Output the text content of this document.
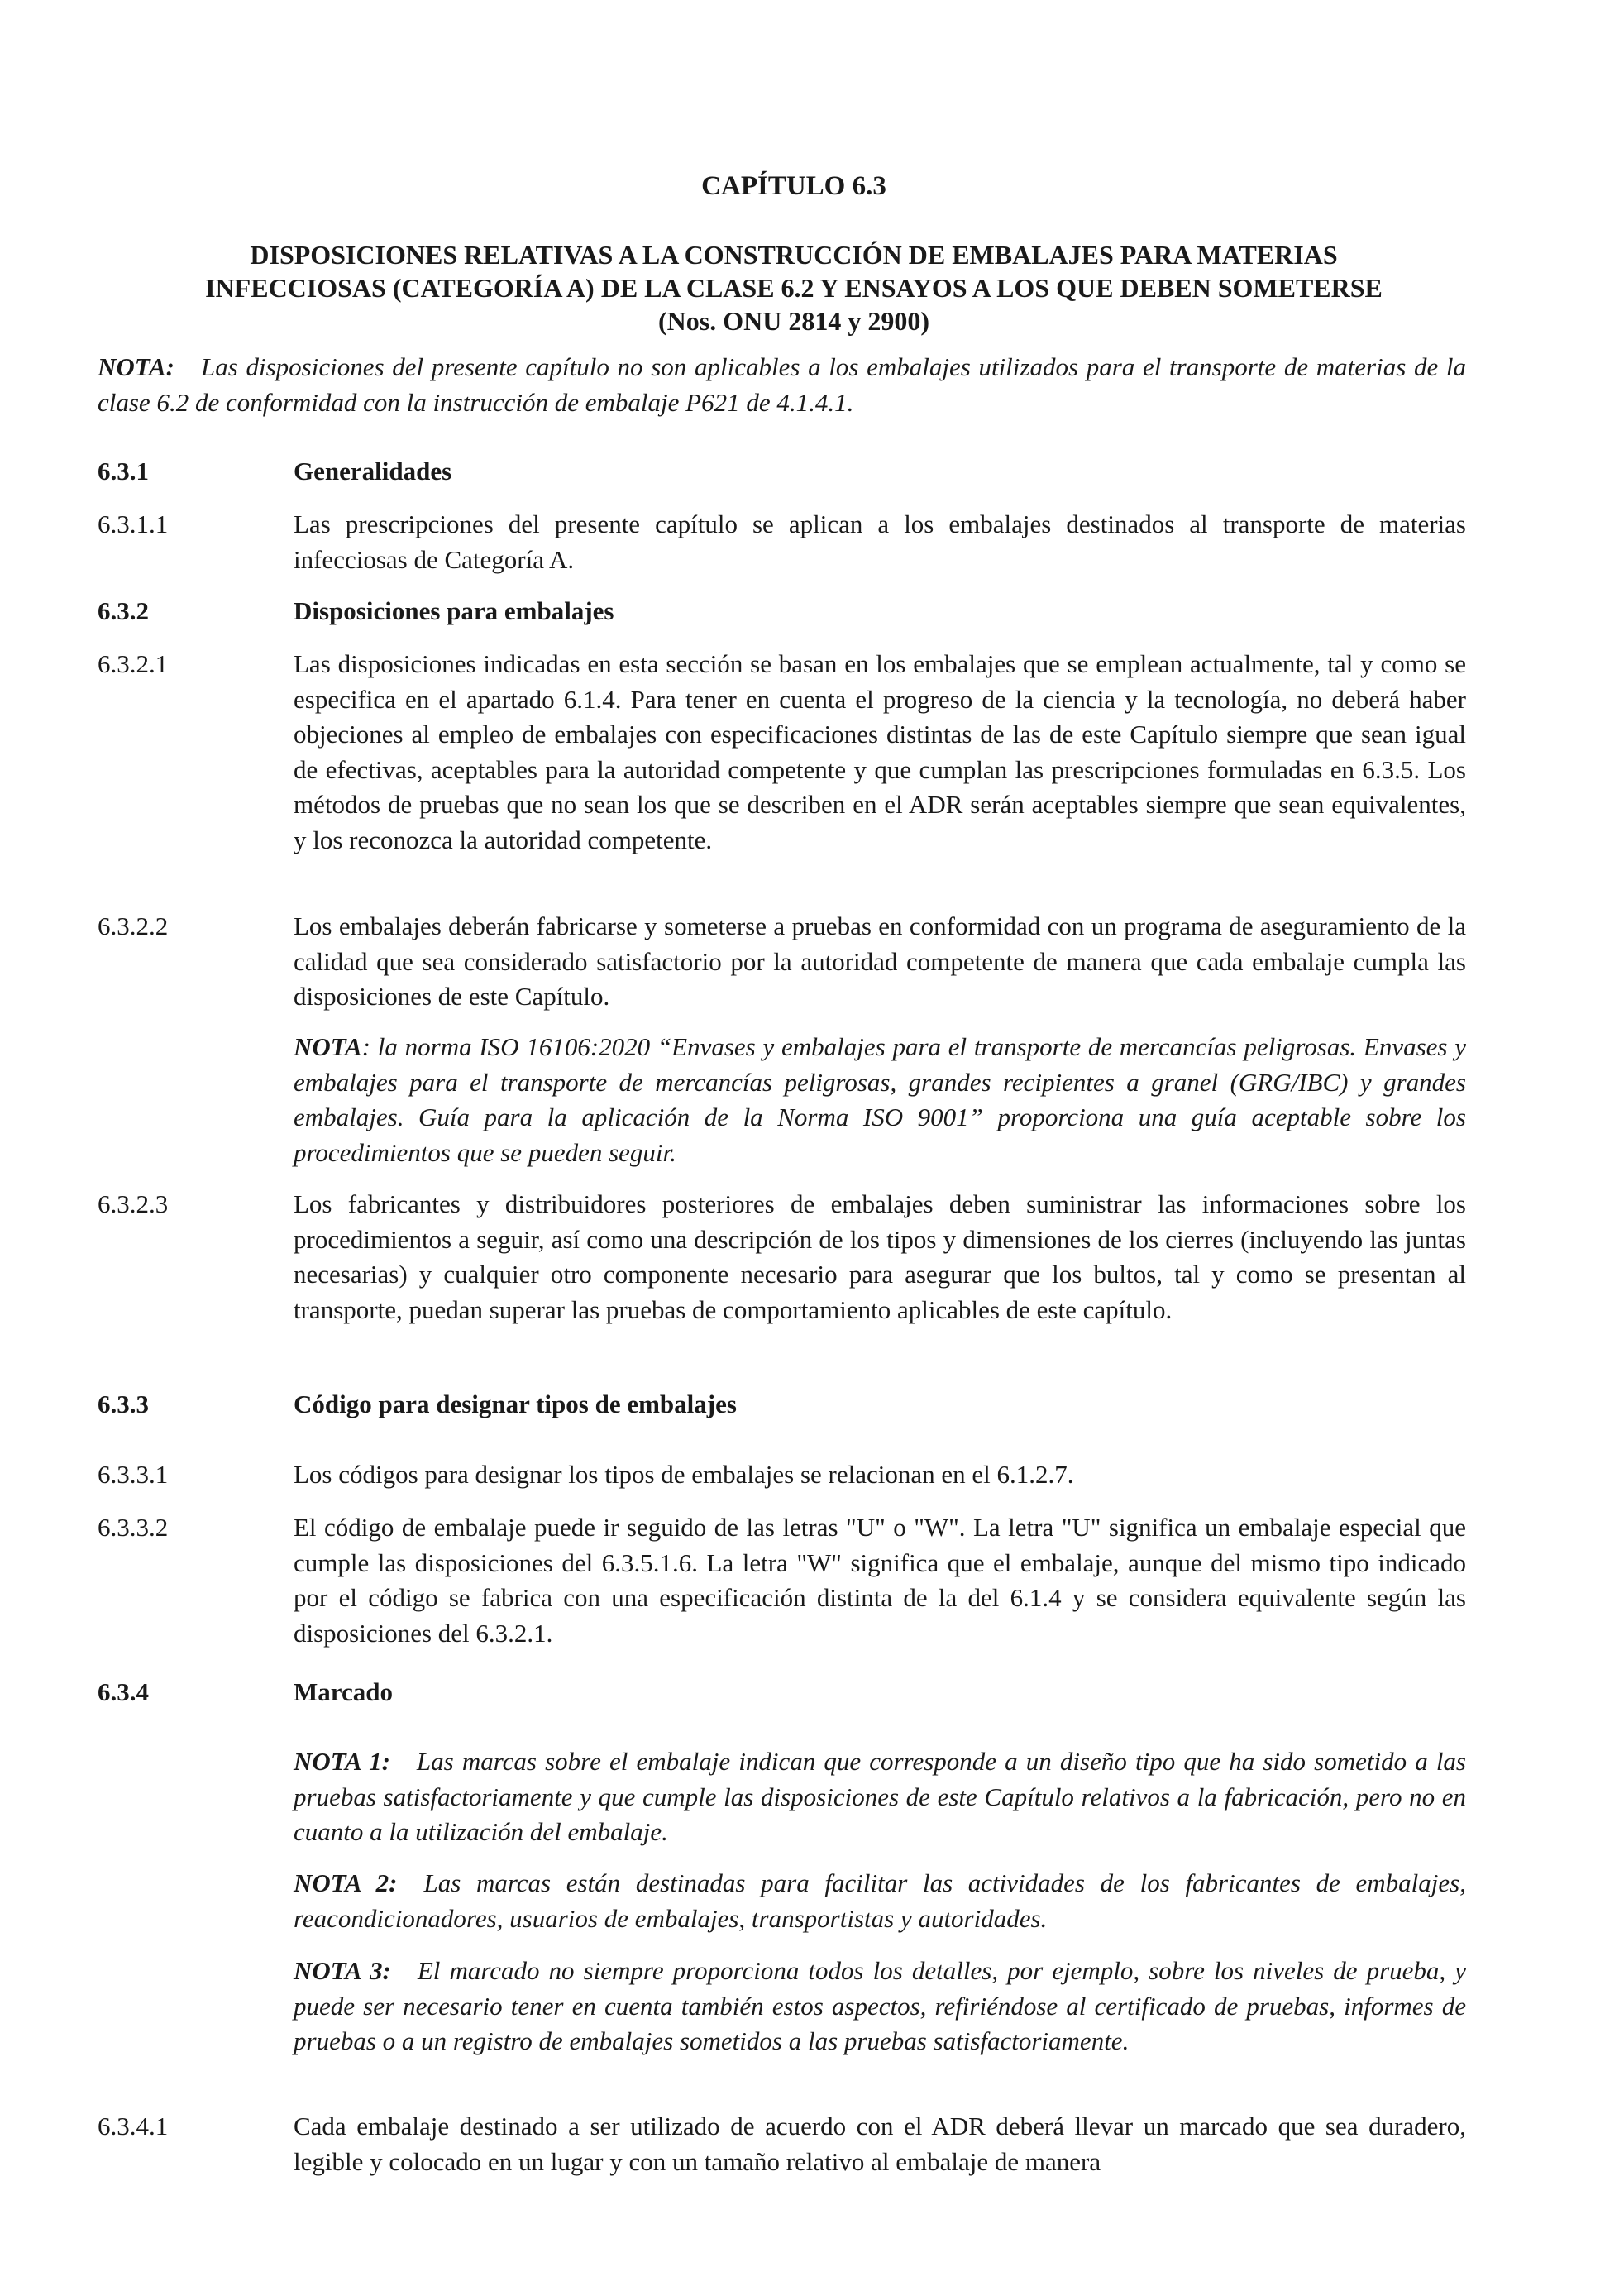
CAPÍTULO 6.3
DISPOSICIONES RELATIVAS A LA CONSTRUCCIÓN DE EMBALAJES PARA MATERIAS
INFECCIOSAS (CATEGORÍA A) DE LA CLASE 6.2 Y ENSAYOS A LOS QUE DEBEN SOMETERSE
(Nos. ONU 2814 y 2900)
NOTA: Las disposiciones del presente capítulo no son aplicables a los embalajes utilizados para el transporte de materias de la clase 6.2 de conformidad con la instrucción de embalaje P621 de 4.1.4.1.
6.3.1	Generalidades
6.3.1.1	Las prescripciones del presente capítulo se aplican a los embalajes destinados al transporte de materias infecciosas de Categoría A.
6.3.2	Disposiciones para embalajes
6.3.2.1	Las disposiciones indicadas en esta sección se basan en los embalajes que se emplean actualmente, tal y como se especifica en el apartado 6.1.4. Para tener en cuenta el progreso de la ciencia y la tecnología, no deberá haber objeciones al empleo de embalajes con especificaciones distintas de las de este Capítulo siempre que sean igual de efectivas, aceptables para la autoridad competente y que cumplan las prescripciones formuladas en 6.3.5. Los métodos de pruebas que no sean los que se describen en el ADR serán aceptables siempre que sean equivalentes, y los reconozca la autoridad competente.
6.3.2.2	Los embalajes deberán fabricarse y someterse a pruebas en conformidad con un programa de aseguramiento de la calidad que sea considerado satisfactorio por la autoridad competente de manera que cada embalaje cumpla las disposiciones de este Capítulo.
NOTA: la norma ISO 16106:2020 “Envases y embalajes para el transporte de mercancías peligrosas. Envases y embalajes para el transporte de mercancías peligrosas, grandes recipientes a granel (GRG/IBC) y grandes embalajes. Guía para la aplicación de la Norma ISO 9001” proporciona una guía aceptable sobre los procedimientos que se pueden seguir.
6.3.2.3	Los fabricantes y distribuidores posteriores de embalajes deben suministrar las informaciones sobre los procedimientos a seguir, así como una descripción de los tipos y dimensiones de los cierres (incluyendo las juntas necesarias) y cualquier otro componente necesario para asegurar que los bultos, tal y como se presentan al transporte, puedan superar las pruebas de comportamiento aplicables de este capítulo.
6.3.3	Código para designar tipos de embalajes
6.3.3.1	Los códigos para designar los tipos de embalajes se relacionan en el 6.1.2.7.
6.3.3.2	El código de embalaje puede ir seguido de las letras "U" o "W". La letra "U" significa un embalaje especial que cumple las disposiciones del 6.3.5.1.6. La letra "W" significa que el embalaje, aunque del mismo tipo indicado por el código se fabrica con una especificación distinta de la del 6.1.4 y se considera equivalente según las disposiciones del 6.3.2.1.
6.3.4	Marcado
NOTA 1: Las marcas sobre el embalaje indican que corresponde a un diseño tipo que ha sido sometido a las pruebas satisfactoriamente y que cumple las disposiciones de este Capítulo relativos a la fabricación, pero no en cuanto a la utilización del embalaje.
NOTA 2: Las marcas están destinadas para facilitar las actividades de los fabricantes de embalajes, reacondicionadores, usuarios de embalajes, transportistas y autoridades.
NOTA 3: El marcado no siempre proporciona todos los detalles, por ejemplo, sobre los niveles de prueba, y puede ser necesario tener en cuenta también estos aspectos, refiriéndose al certificado de pruebas, informes de pruebas o a un registro de embalajes sometidos a las pruebas satisfactoriamente.
6.3.4.1	Cada embalaje destinado a ser utilizado de acuerdo con el ADR deberá llevar un marcado que sea duradero, legible y colocado en un lugar y con un tamaño relativo al embalaje de manera
